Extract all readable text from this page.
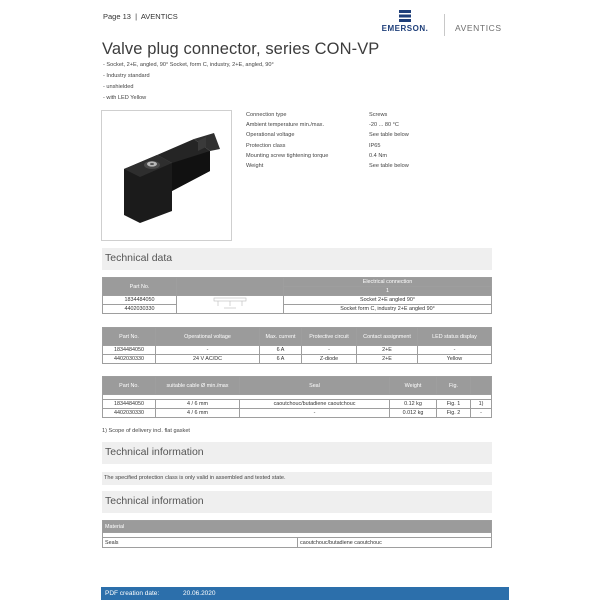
Page 13 | AVENTICS
EMERSON.	AVENTICS
Valve plug connector, series CON-VP
- Socket, 2+E, angled, 90° Socket, form C, industry, 2+E, angled, 90°
- Industry standard
- unshielded
- with LED Yellow
Connection type	Screws
Ambient temperature min./max.	-20 ... 80 °C
Operational voltage	See table below
Protection class	IP65
Mounting screw tightening torque	0.4 Nm
Weight	See table below
Technical data
Part No.		Electrical connection
		1
1834484050		Socket 2+E angled 90°
4402030330		Socket form C, industry 2+E angled 90°
Part No.	Operational voltage	Max. current	Protective circuit	Contact assignment	LED status display
1834484050	-	6 A	-	2+E	-
4402030330	24 V AC/DC	6 A	Z-diode	2+E	Yellow
Part No.	suitable cable Ø min./max	Seal	Weight	Fig.	

1834484050	4 / 6 mm	caoutchouc/butadiene caoutchouc	0.12 kg	Fig. 1	1)
4402030330	4 / 6 mm	-	0.012 kg	Fig. 2	-
1) Scope of delivery incl. flat gasket
Technical information
The specified protection class is only valid in assembled and tested state.
Technical information
Material

Seals	caoutchouc/butadiene caoutchouc
PDF creation date:	20.06.2020
